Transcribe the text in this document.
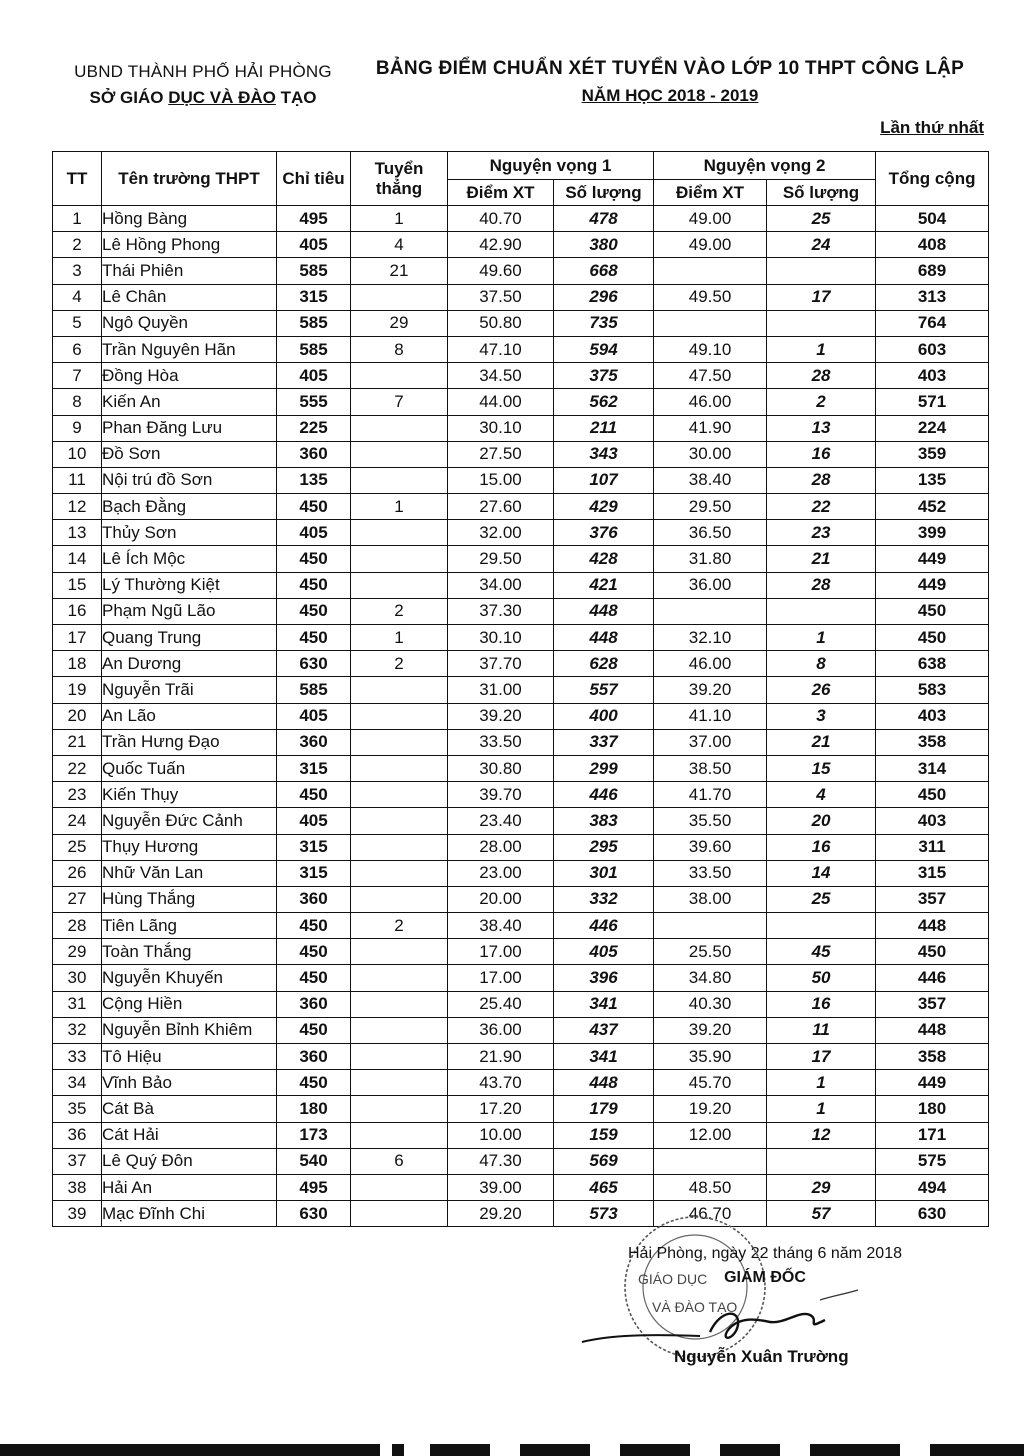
UBND THÀNH PHỐ HẢI PHÒNG
SỞ GIÁO DỤC VÀ ĐÀO TẠO
BẢNG ĐIỂM CHUẨN XÉT TUYỂN VÀO LỚP 10 THPT CÔNG LẬP
NĂM HỌC 2018 - 2019
Lần thứ nhất
TT	Tên trường THPT	Chỉ tiêu	Tuyển thẳng	Nguyện vọng 1		Nguyện vọng 2		Tổng cộng
				Điểm XT	Số lượng	Điểm XT	Số lượng	
1	Hồng Bàng	495	1	40.70	478	49.00	25	504
2	Lê Hồng Phong	405	4	42.90	380	49.00	24	408
3	Thái Phiên	585	21	49.60	668			689
4	Lê Chân	315		37.50	296	49.50	17	313
5	Ngô Quyền	585	29	50.80	735			764
6	Trần Nguyên Hãn	585	8	47.10	594	49.10	1	603
7	Đồng Hòa	405		34.50	375	47.50	28	403
8	Kiến An	555	7	44.00	562	46.00	2	571
9	Phan Đăng Lưu	225		30.10	211	41.90	13	224
10	Đồ Sơn	360		27.50	343	30.00	16	359
11	Nội trú đồ Sơn	135		15.00	107	38.40	28	135
12	Bạch Đằng	450	1	27.60	429	29.50	22	452
13	Thủy Sơn	405		32.00	376	36.50	23	399
14	Lê Ích Mộc	450		29.50	428	31.80	21	449
15	Lý Thường Kiệt	450		34.00	421	36.00	28	449
16	Phạm Ngũ Lão	450	2	37.30	448			450
17	Quang Trung	450	1	30.10	448	32.10	1	450
18	An Dương	630	2	37.70	628	46.00	8	638
19	Nguyễn Trãi	585		31.00	557	39.20	26	583
20	An Lão	405		39.20	400	41.10	3	403
21	Trần Hưng Đạo	360		33.50	337	37.00	21	358
22	Quốc Tuấn	315		30.80	299	38.50	15	314
23	Kiến Thụy	450		39.70	446	41.70	4	450
24	Nguyễn Đức Cảnh	405		23.40	383	35.50	20	403
25	Thụy Hương	315		28.00	295	39.60	16	311
26	Nhữ Văn Lan	315		23.00	301	33.50	14	315
27	Hùng Thắng	360		20.00	332	38.00	25	357
28	Tiên Lãng	450	2	38.40	446			448
29	Toàn Thắng	450		17.00	405	25.50	45	450
30	Nguyễn Khuyến	450		17.00	396	34.80	50	446
31	Cộng Hiền	360		25.40	341	40.30	16	357
32	Nguyễn Bỉnh Khiêm	450		36.00	437	39.20	11	448
33	Tô Hiệu	360		21.90	341	35.90	17	358
34	Vĩnh Bảo	450		43.70	448	45.70	1	449
35	Cát Bà	180		17.20	179	19.20	1	180
36	Cát Hải	173		10.00	159	12.00	12	171
37	Lê Quý Đôn	540	6	47.30	569			575
38	Hải An	495		39.00	465	48.50	29	494
39	Mạc Đĩnh Chi	630		29.20	573	46.70	57	630
GIÁO DỤC
VÀ ĐÀO TẠO
Hải Phòng, ngày 22 tháng 6 năm 2018
GIÁM ĐỐC
Nguyễn Xuân Trường
